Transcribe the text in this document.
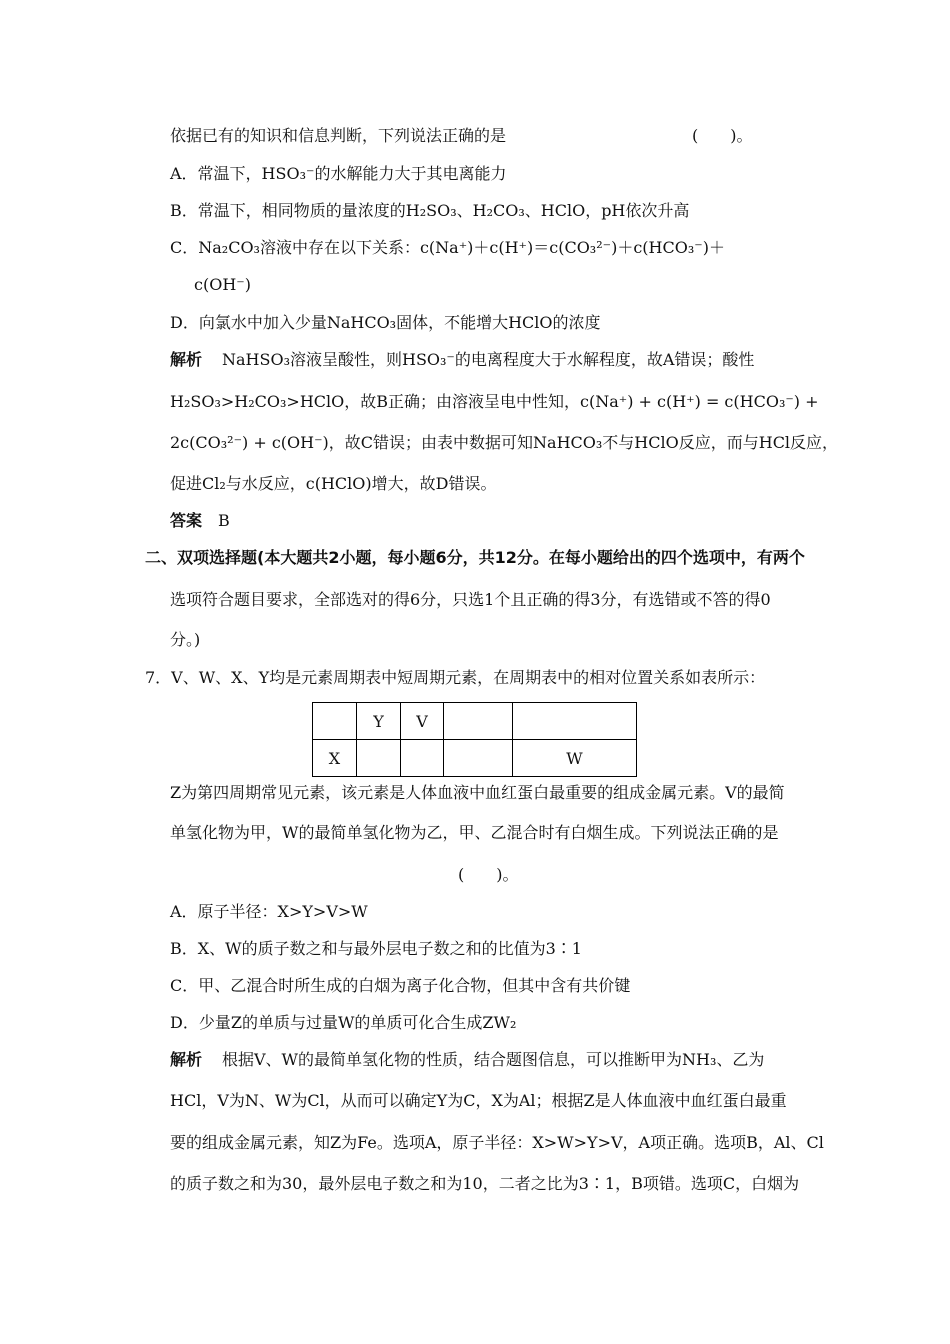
依据已有的知识和信息判断，下列说法正确的是	(　　)。
A．常温下，HSO₃⁻的水解能力大于其电离能力
B．常温下，相同物质的量浓度的H₂SO₃、H₂CO₃、HClO，pH依次升高
C．Na₂CO₃溶液中存在以下关系：c(Na⁺)＋c(H⁺)＝c(CO₃²⁻)＋c(HCO₃⁻)＋
c(OH⁻)
D．向氯水中加入少量NaHCO₃固体，不能增大HClO的浓度
解析 NaHSO₃溶液呈酸性，则HSO₃⁻的电离程度大于水解程度，故A错误；酸性
H₂SO₃>H₂CO₃>HClO，故B正确；由溶液呈电中性知，c(Na⁺) + c(H⁺) = c(HCO₃⁻) +
2c(CO₃²⁻) + c(OH⁻)，故C错误；由表中数据可知NaHCO₃不与HClO反应，而与HCl反应，
促进Cl₂与水反应，c(HClO)增大，故D错误。
答案 B
二、双项选择题(本大题共2小题，每小题6分，共12分。在每小题给出的四个选项中，有两个
选项符合题目要求，全部选对的得6分，只选1个且正确的得3分，有选错或不答的得0
分。)
7．V、W、X、Y均是元素周期表中短周期元素，在周期表中的相对位置关系如表所示：
	Y	V		
X				W
Z为第四周期常见元素，该元素是人体血液中血红蛋白最重要的组成金属元素。V的最简
单氢化物为甲，W的最简单氢化物为乙，甲、乙混合时有白烟生成。下列说法正确的是
(　　)。
A．原子半径：X>Y>V>W
B．X、W的质子数之和与最外层电子数之和的比值为3∶1
C．甲、乙混合时所生成的白烟为离子化合物，但其中含有共价键
D．少量Z的单质与过量W的单质可化合生成ZW₂
解析 根据V、W的最简单氢化物的性质，结合题图信息，可以推断甲为NH₃、乙为
HCl，V为N、W为Cl，从而可以确定Y为C，X为Al；根据Z是人体血液中血红蛋白最重
要的组成金属元素，知Z为Fe。选项A，原子半径：X>W>Y>V，A项正确。选项B，Al、Cl
的质子数之和为30，最外层电子数之和为10，二者之比为3∶1，B项错。选项C，白烟为
